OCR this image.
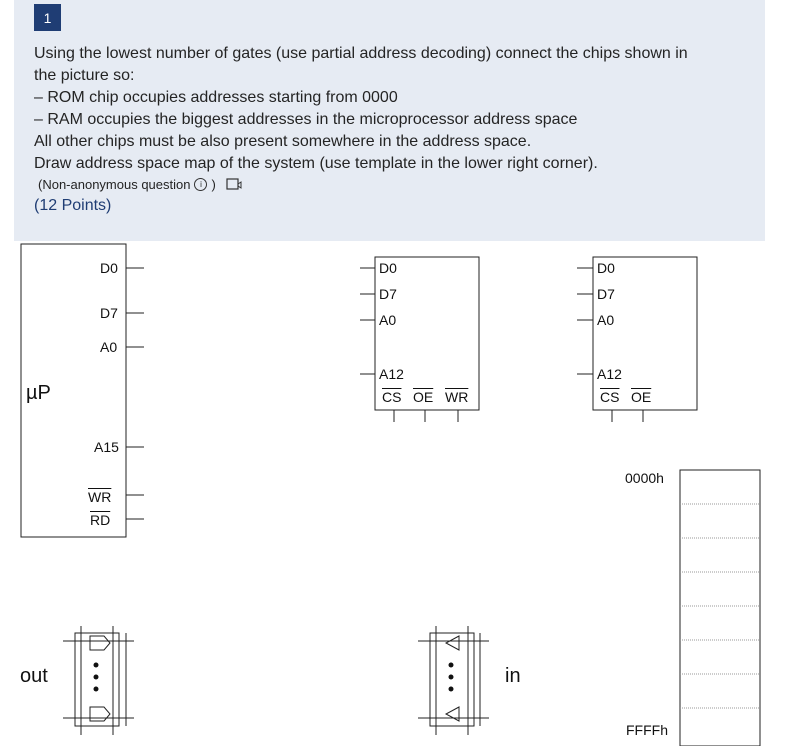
1
Using the lowest number of gates (use partial address decoding) connect the chips shown in
the picture so:
– ROM chip occupies addresses starting from 0000
– RAM occupies the biggest addresses in the microprocessor address space
All other chips must be also present somewhere in the address space.
Draw address space map of the system (use template in the lower right corner).
(Non-anonymous question	i )
(12 Points)
µP
D0
D7
A0
A15
$\overline{WR}$
$\overline{RD}$
D0
D7
A0
A12
$\overline{CS}$ $\overline{OE}$ $\overline{WR}$
D0
D7
A0
A12
$\overline{CS}$ $\overline{OE}$
out	in
0000h
FFFFh
